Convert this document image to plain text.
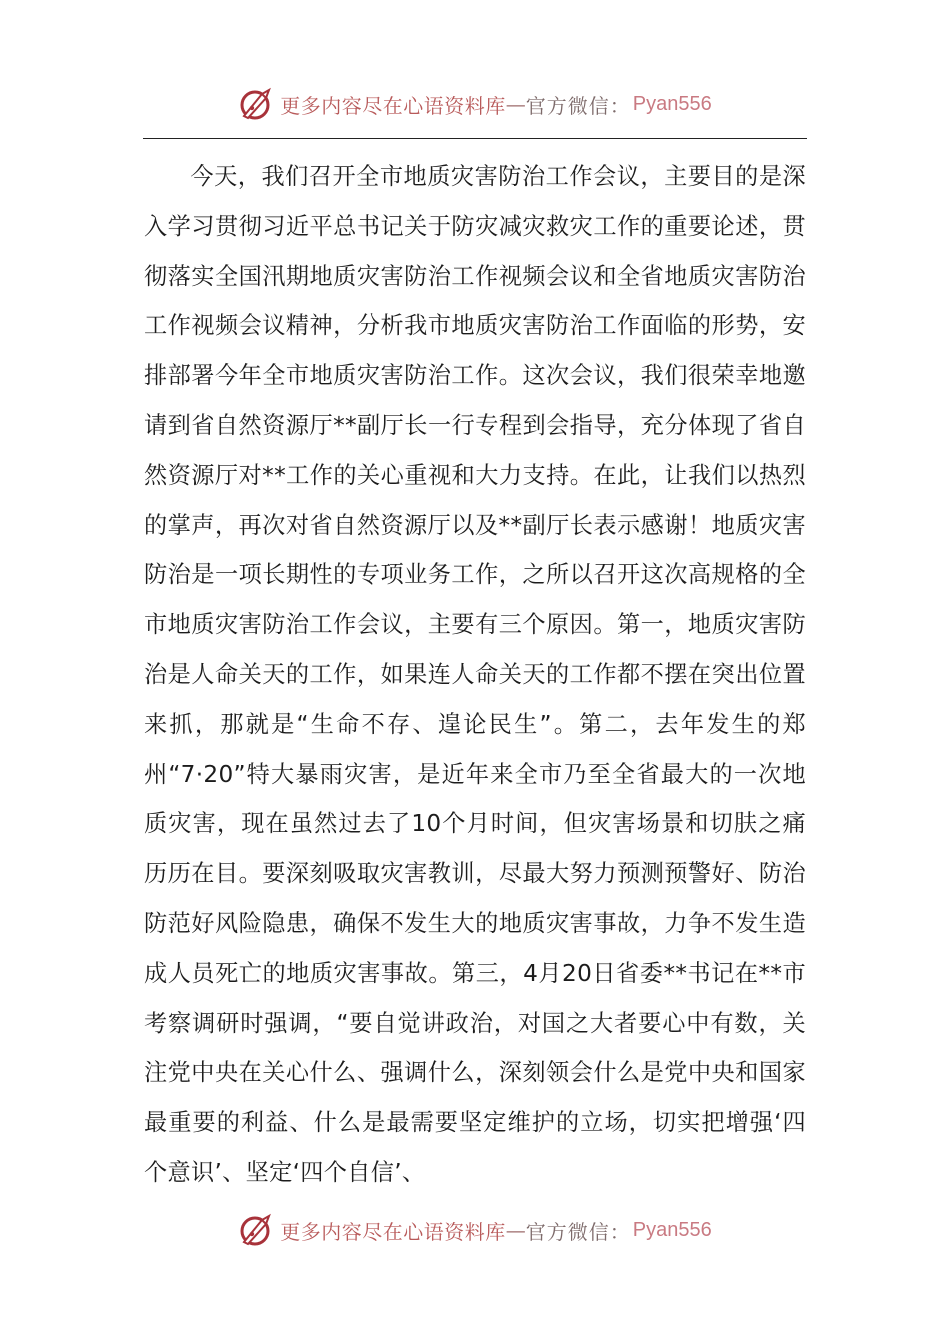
更多内容尽在心语资料库 — 官方微信： Pyan556

今天，我们召开全市地质灾害防治工作会议，主要目的是深入学习贯彻习近平总书记关于防灾减灾救灾工作的重要论述，贯彻落实全国汛期地质灾害防治工作视频会议和全省地质灾害防治工作视频会议精神，分析我市地质灾害防治工作面临的形势，安排部署今年全市地质灾害防治工作。这次会议，我们很荣幸地邀请到省自然资源厅**副厅长一行专程到会指导，充分体现了省自然资源厅对**工作的关心重视和大力支持。在此，让我们以热烈的掌声，再次对省自然资源厅以及**副厅长表示感谢！地质灾害防治是一项长期性的专项业务工作，之所以召开这次高规格的全市地质灾害防治工作会议，主要有三个原因。第一，地质灾害防治是人命关天的工作，如果连人命关天的工作都不摆在突出位置来抓，那就是“生命不存、遑论民生”。第二，去年发生的郑州“7·20”特大暴雨灾害，是近年来全市乃至全省最大的一次地质灾害，现在虽然过去了10个月时间，但灾害场景和切肤之痛历历在目。要深刻吸取灾害教训，尽最大努力预测预警好、防治防范好风险隐患，确保不发生大的地质灾害事故，力争不发生造成人员死亡的地质灾害事故。第三，4月20日省委**书记在**市考察调研时强调，“要自觉讲政治，对国之大者要心中有数，关注党中央在关心什么、强调什么，深刻领会什么是党中央和国家最重要的利益、什么是最需要坚定维护的立场，切实把增强‘四个意识’、坚定‘四个自信’、

更多内容尽在心语资料库 — 官方微信： Pyan556
